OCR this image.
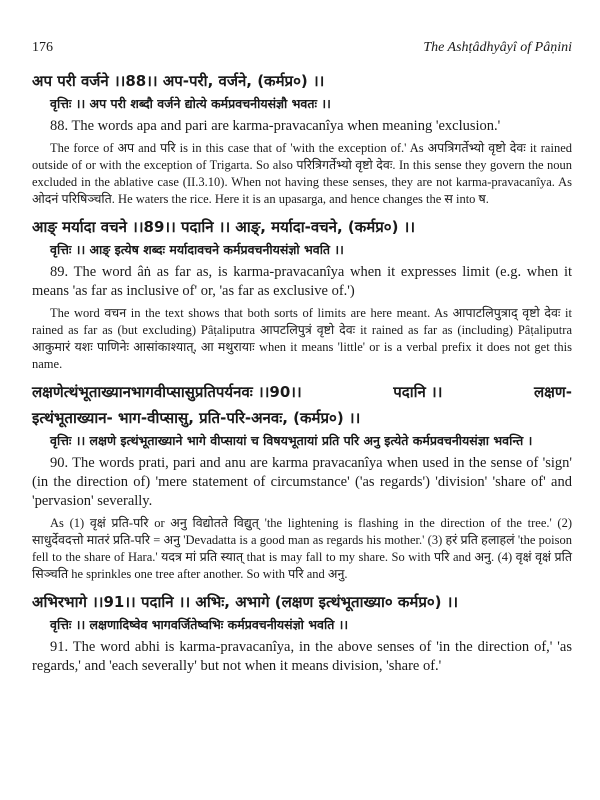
176	The Ashṭâdhyâyî of Pâṇini
अप परी वर्जने ।।88।। अप-परी, वर्जने, (कर्मप्र०) ।।
वृत्तिः ।। अप परी शब्दौ वर्जने द्योत्ये कर्मप्रवचनीयसंज्ञौ भवतः ।।

88. The words apa and pari are karma-pravacanîya when meaning 'exclusion.'

The force of अप and परि is in this case that of 'with the exception of.' As अपत्रिगर्तेभ्यो वृष्टो देवः it rained outside of or with the exception of Trigarta. So also परित्रिगर्तेभ्यो वृष्टो देवः. In this sense they govern the noun excluded in the ablative case (II.3.10). When not having these senses, they are not karma-pravacanîya. As ओदनं परिषिञ्चति. He waters the rice. Here it is an upasarga, and hence changes the स into ष.

आङ् मर्यादा वचने ।।89।। पदानि ।। आङ्, मर्यादा-वचने, (कर्मप्र०) ।।
वृत्तिः ।। आङ् इत्येष शब्दः मर्यादावचने कर्मप्रवचनीयसंज्ञो भवति ।।

89. The word âṅ as far as, is karma-pravacanîya when it expresses limit (e.g. when it means 'as far as inclusive of' or, 'as far as exclusive of.')

The word वचन in the text shows that both sorts of limits are here meant. As आपाटलिपुत्राद् वृष्टो देवः it rained as far as (but excluding) Pâṭaliputra आपटलिपुत्रं वृष्टो देवः it rained as far as (including) Pâṭaliputra आकुमारं यशः पाणिनेः आसांकाश्यात्, आ मथुरायाः when it means 'little' or is a verbal prefix it does not get this name.

लक्षणेत्थंभूताख्यानभागवीप्सासुप्रतिपर्यनवः ।।90।।	पदानि ।।	लक्षण-
इत्थंभूताख्यान- भाग-वीप्सासु, प्रति-परि-अनवः, (कर्मप्र०) ।।
वृत्तिः ।। लक्षणे इत्थंभूताख्याने भागे वीप्सायां च विषयभूतायां प्रति परि अनु इत्येते कर्मप्रवचनीयसंज्ञा भवन्ति ।

90. The words prati, pari and anu are karma pravacanîya when used in the sense of 'sign' (in the direction of) 'mere statement of circumstance' ('as regards') 'division' 'share of' and 'pervasion' severally.

As (1) वृक्षं प्रति-परि or अनु विद्योतते विद्युत् 'the lightening is flashing in the direction of the tree.' (2) साधुर्देवदत्तो मातरं प्रति-परि = अनु 'Devadatta is a good man as regards his mother.' (3) हरं प्रति हलाहलं 'the poison fell to the share of Hara.' यदत्र मां प्रति स्यात् that is may fall to my share. So with परि and अनु. (4) वृक्षं वृक्षं प्रति सिञ्चति he sprinkles one tree after another. So with परि and अनु.

अभिरभागे ।।91।। पदानि ।। अभिः, अभागे (लक्षण इत्थंभूताख्या० कर्मप्र०) ।।
वृत्तिः ।। लक्षणादिष्वेव भागवर्जितेष्वभिः कर्मप्रवचनीयसंज्ञो भवति ।।

91. The word abhi is karma-pravacanîya, in the above senses of 'in the direction of,' 'as regards,' and 'each severally' but not when it means division, 'share of.'
